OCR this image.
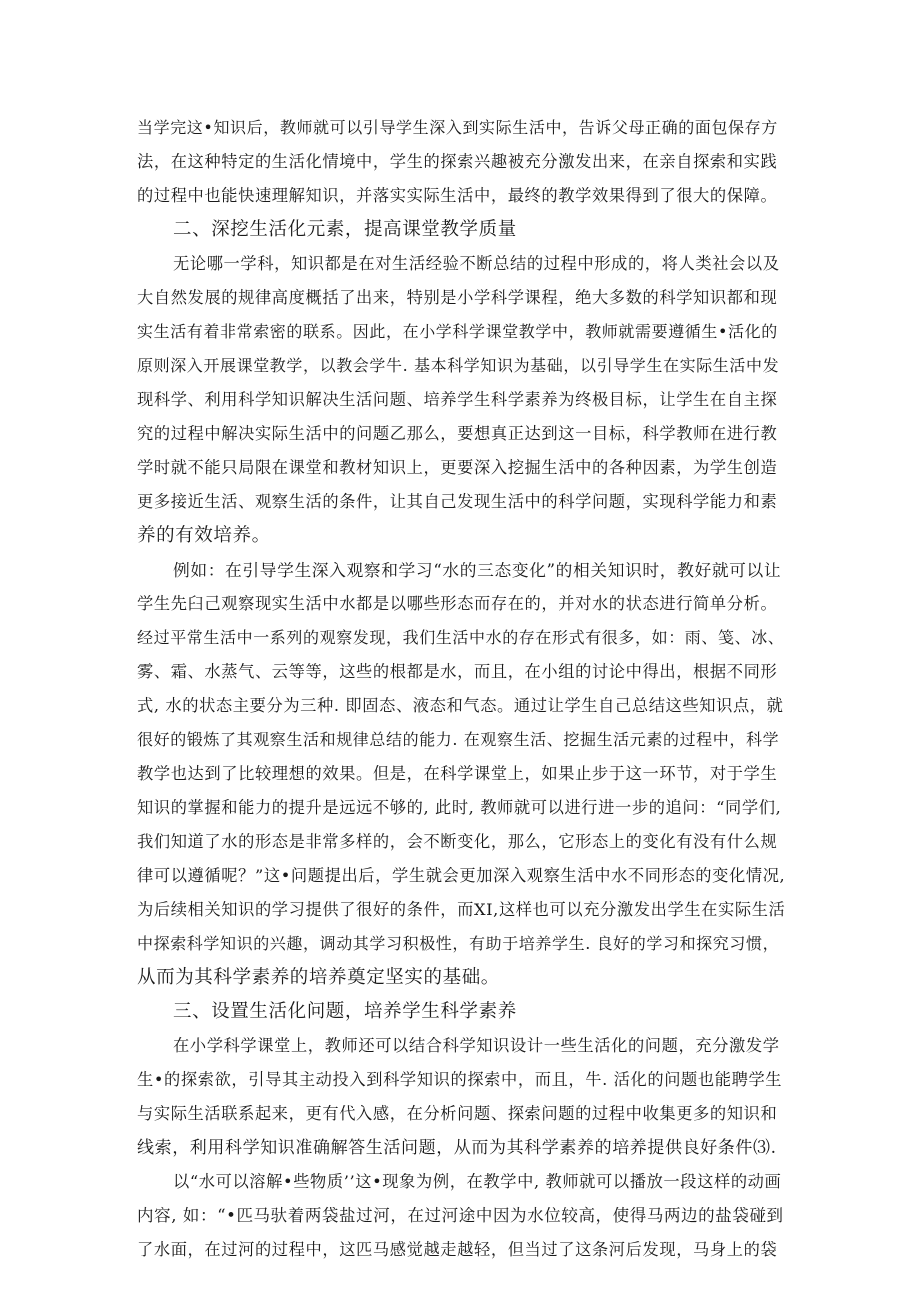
当学完这•知识后，教师就可以引导学生深入到实际生活中，告诉父母正确的面包保存方

法，在这种特定的生活化情境中，学生的探索兴趣被充分激发出来，在亲自探索和实践

的过程中也能快速理解知识，并落实实际生活中，最终的教学效果得到了很大的保障。

二、深挖生活化元素，提高课堂教学质量

无论哪一学科，知识都是在对生活经验不断总结的过程中形成的，将人类社会以及

大自然发展的规律高度概括了出来，特别是小学科学课程，绝大多数的科学知识都和现

实生活有着非常索密的联系。因此，在小学科学课堂教学中，教师就需要遵循生•活化的

原则深入开展课堂教学，以教会学牛. 基本科学知识为基础，以引导学生在实际生活中发

现科学、利用科学知识解决生活问题、培养学生科学素养为终极目标，让学生在自主探

究的过程中解决实际生活中的问题乙那么，要想真正达到这一目标，科学教师在进行教

学时就不能只局限在课堂和教材知识上，更要深入挖掘生活中的各种因素，为学生创造

更多接近生活、观察生活的条件，让其自己发现生活中的科学问题，实现科学能力和素

养的有效培养。

例如：在引导学生深入观察和学习“水的三态变化”的相关知识时，教好就可以让

学生先臼己观察现实生活中水都是以哪些形态而存在的，并对水的状态进行简单分析。

经过平常生活中一系列的观察发现，我们生活中水的存在形式有很多，如：雨、笺、冰、

雾、霜、水蒸气、云等等，这些的根都是水，而且，在小组的讨论中得出，根据不同形

式, 水的状态主要分为三种. 即固态、液态和气态。通过让学生自己总结这些知识点，就

很好的锻炼了其观察生活和规律总结的能力. 在观察生活、挖掘生活元素的过程中，科学

教学也达到了比较理想的效果。但是，在科学课堂上，如果止步于这一环节，对于学生

知识的掌握和能力的提升是远远不够的, 此时, 教师就可以进行进一步的追问：“同学们,

我们知道了水的形态是非常多样的，会不断变化，那么，它形态上的变化有没有什么规

律可以遵循呢？”这•问题提出后，学生就会更加深入观察生活中水不同形态的变化情况,

为后续相关知识的学习提供了很好的条件，而XI,这样也可以充分激发出学生在实际生活

中探索科学知识的兴趣，调动其学习积极性，有助于培养学生. 良好的学习和探究习惯，

从而为其科学素养的培养奠定坚实的基础。

三、设置生活化问题，培养学生科学素养

在小学科学课堂上，教师还可以结合科学知识设计一些生活化的问题，充分激发学

生•的探索欲，引导其主动投入到科学知识的探索中，而且，牛. 活化的问题也能聘学生

与实际生活联系起来，更有代入感，在分析问题、探索问题的过程中收集更多的知识和

线索，利用科学知识准确解答生活问题，从而为其科学素养的培养提供良好条件⑶.

以“水可以溶解•些物质’’这•现象为例，在教学中, 教师就可以播放一段这样的动画

内容, 如：“•匹马驮着两袋盐过河，在过河途中因为水位较高，使得马两边的盐袋碰到

了水面，在过河的过程中，这匹马感觉越走越轻，但当过了这条河后发现，马身上的袋
